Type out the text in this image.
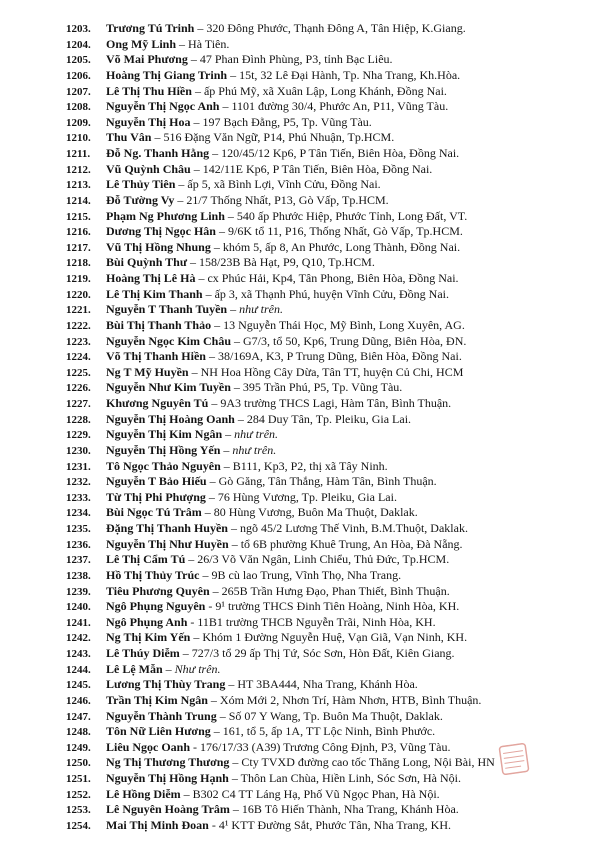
1203. Trương Tú Trinh – 320 Đông Phước, Thạnh Đông A, Tân Hiệp, K.Giang.
1204. Ong Mỹ Linh – Hà Tiên.
1205. Võ Mai Phương – 47 Phan Đình Phùng, P3, tỉnh Bạc Liêu.
1206. Hoàng Thị Giang Trinh – 15t, 32 Lê Đại Hành, Tp. Nha Trang, Kh.Hòa.
1207. Lê Thị Thu Hiền – ấp Phú Mỹ, xã Xuân Lập, Long Khánh, Đồng Nai.
1208. Nguyễn Thị Ngọc Anh – 1101 đường 30/4, Phước An, P11, Vũng Tàu.
1209. Nguyễn Thị Hoa – 197 Bạch Đằng, P5, Tp. Vũng Tàu.
1210. Thu Vân – 516 Đặng Văn Ngữ, P14, Phú Nhuận, Tp.HCM.
1211. Đỗ Ng. Thanh Hằng – 120/45/12 Kp6, P Tân Tiến, Biên Hòa, Đồng Nai.
1212. Vũ Quỳnh Châu – 142/11E Kp6, P Tân Tiến, Biên Hòa, Đồng Nai.
1213. Lê Thủy Tiên – ấp 5, xã Bình Lợi, Vĩnh Cửu, Đồng Nai.
1214. Đỗ Tường Vy – 21/7 Thống Nhất, P13, Gò Vấp, Tp.HCM.
1215. Phạm Ng Phương Linh – 540 ấp Phước Hiệp, Phước Tỉnh, Long Đất, VT.
1216. Dương Thị Ngọc Hân – 9/6K tổ 11, P16, Thống Nhất, Gò Vấp, Tp.HCM.
1217. Vũ Thị Hồng Nhung – khóm 5, ấp 8, An Phước, Long Thành, Đồng Nai.
1218. Bùi Quỳnh Thư – 158/23B Bà Hạt, P9, Q10, Tp.HCM.
1219. Hoàng Thị Lê Hà – cx Phúc Hải, Kp4, Tân Phong, Biên Hòa, Đồng Nai.
1220. Lê Thị Kim Thanh – ấp 3, xã Thạnh Phú, huyện Vĩnh Cửu, Đồng Nai.
1221. Nguyễn T Thanh Tuyền – như trên.
1222. Bùi Thị Thanh Thảo – 13 Nguyễn Thái Học, Mỹ Bình, Long Xuyên, AG.
1223. Nguyễn Ngọc Kim Châu – G7/3, tổ 50, Kp6, Trung Dũng, Biên Hòa, ĐN.
1224. Võ Thị Thanh Hiền – 38/169A, K3, P Trung Dũng, Biên Hòa, Đồng Nai.
1225. Ng T Mỹ Huyền – NH Hoa Hồng Cây Dừa, Tân TT, huyện Củ Chi, HCM
1226. Nguyễn Như Kim Tuyền – 395 Trần Phú, P5, Tp. Vũng Tàu.
1227. Khương Nguyên Tú – 9A3 trường THCS Lagi, Hàm Tân, Bình Thuận.
1228. Nguyễn Thị Hoàng Oanh – 284 Duy Tân, Tp. Pleiku, Gia Lai.
1229. Nguyễn Thị Kim Ngân – như trên.
1230. Nguyễn Thị Hồng Yến – như trên.
1231. Tô Ngọc Thảo Nguyên – B111, Kp3, P2, thị xã Tây Ninh.
1232. Nguyễn T Bảo Hiếu – Gò Găng, Tân Thắng, Hàm Tân, Bình Thuận.
1233. Từ Thị Phi Phượng – 76 Hùng Vương, Tp. Pleiku, Gia Lai.
1234. Bùi Ngọc Tú Trâm – 80 Hùng Vương, Buôn Ma Thuột, Daklak.
1235. Đặng Thị Thanh Huyền – ngõ 45/2 Lương Thế Vinh, B.M.Thuột, Daklak.
1236. Nguyễn Thị Như Huyền – tổ 6B phường Khuê Trung, An Hòa, Đà Nẵng.
1237. Lê Thị Cẩm Tú – 26/3 Võ Văn Ngân, Linh Chiểu, Thủ Đức, Tp.HCM.
1238. Hồ Thị Thủy Trúc – 9B cù lao Trung, Vĩnh Thọ, Nha Trang.
1239. Tiêu Phương Quyên – 265B Trần Hưng Đạo, Phan Thiết, Bình Thuận.
1240. Ngô Phụng Nguyên - 9¹ trường THCS Đinh Tiên Hoàng, Ninh Hòa, KH.
1241. Ngô Phụng Anh - 11B1 trường THCB Nguyễn Trãi, Ninh Hòa, KH.
1242. Ng Thị Kim Yến – Khóm 1 Đường Nguyễn Huệ, Vạn Giã, Vạn Ninh, KH.
1243. Lê Thúy Diễm – 727/3 tổ 29 ấp Thị Tứ, Sóc Sơn, Hòn Đất, Kiên Giang.
1244. Lê Lệ Mẫn – Như trên.
1245. Lương Thị Thùy Trang – HT 3BA444, Nha Trang, Khánh Hòa.
1246. Trần Thị Kim Ngân – Xóm Mới 2, Nhơn Trí, Hàm Nhơn, HTB, Bình Thuận.
1247. Nguyễn Thành Trung – Số 07 Y Wang, Tp. Buôn Ma Thuột, Daklak.
1248. Tôn Nữ Liên Hương – 161, tổ 5, ấp 1A, TT Lộc Ninh, Bình Phước.
1249. Liêu Ngọc Oanh - 176/17/33 (A39) Trương Công Định, P3, Vũng Tàu.
1250. Ng Thị Thương Thương – Cty TVXD đường cao tốc Thăng Long, Nội Bài, HN
1251. Nguyễn Thị Hồng Hạnh – Thôn Lan Chùa, Hiền Linh, Sóc Sơn, Hà Nội.
1252. Lê Hồng Diễm – B302 C4 TT Láng Hạ, Phố Vũ Ngọc Phan, Hà Nội.
1253. Lê Nguyên Hoàng Trâm – 16B Tô Hiến Thành, Nha Trang, Khánh Hòa.
1254. Mai Thị Minh Đoan - 4¹ KTT Đường Sắt, Phước Tân, Nha Trang, KH.
